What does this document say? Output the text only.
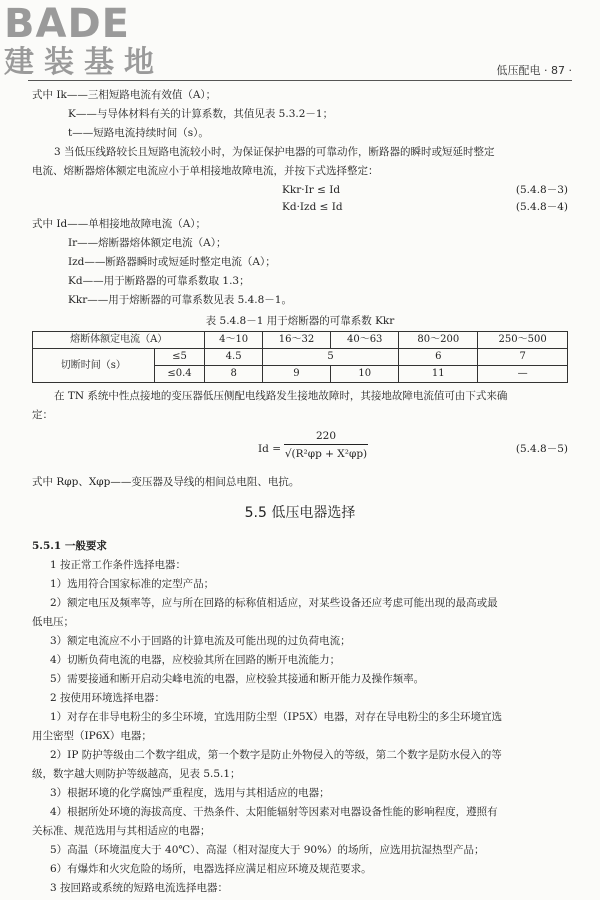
BADE
建装基地	低压配电 · 87 ·
式中 Ik——三相短路电流有效值（A）；
K——与导体材料有关的计算系数，其值见表 5.3.2－1；
t——短路电流持续时间（s）。
3 当低压线路较长且短路电流较小时，为保证保护电器的可靠动作，断路器的瞬时或短延时整定
电流、熔断器熔体额定电流应小于单相接地故障电流，并按下式选择整定：
Kkr·Ir ≤ Id	(5.4.8－3)
Kd·Izd ≤ Id	(5.4.8－4)
式中 Id——单相接地故障电流（A）；
Ir——熔断器熔体额定电流（A）；
Izd——断路器瞬时或短延时整定电流（A）；
Kd——用于断路器的可靠系数取 1.3；
Kkr——用于熔断器的可靠系数见表 5.4.8－1。
表 5.4.8－1 用于熔断器的可靠系数 Kkr
熔断体额定电流（A）		4～10	16～32	40～63	80～200	250～500
切断时间（s）	≤5	4.5	5		6	7
	≤0.4	8	9	10	11	—
在 TN 系统中性点接地的变压器低压侧配电线路发生接地故障时，其接地故障电流值可由下式来确
定：
$Id = \frac{220}{\text{√(R²φp + X²φp)}}$	(5.4.8－5)
式中 Rφp、Xφp——变压器及导线的相间总电阻、电抗。
5.5 低压电器选择
5.5.1 一般要求
1 按正常工作条件选择电器：
1）选用符合国家标准的定型产品；
2）额定电压及频率等，应与所在回路的标称值相适应，对某些设备还应考虑可能出现的最高或最
低电压；
3）额定电流应不小于回路的计算电流及可能出现的过负荷电流；
4）切断负荷电流的电器，应校验其所在回路的断开电流能力；
5）需要接通和断开启动尖峰电流的电器，应校验其接通和断开能力及操作频率。
2 按使用环境选择电器：
1）对存在非导电粉尘的多尘环境，宜选用防尘型（IP5X）电器，对存在导电粉尘的多尘环境宜选
用尘密型（IP6X）电器；
2）IP 防护等级由二个数字组成，第一个数字是防止外物侵入的等级，第二个数字是防水侵入的等
级，数字越大则防护等级越高，见表 5.5.1；
3）根据环境的化学腐蚀严重程度，选用与其相适应的电器；
4）根据所处环境的海拔高度、干热条件、太阳能辐射等因素对电器设备性能的影响程度，遵照有
关标准、规范选用与其相适应的电器；
5）高温（环境温度大于 40℃）、高湿（相对湿度大于 90%）的场所，应选用抗湿热型产品；
6）有爆炸和火灾危险的场所，电器选择应满足相应环境及规范要求。
3 按回路或系统的短路电流选择电器：
